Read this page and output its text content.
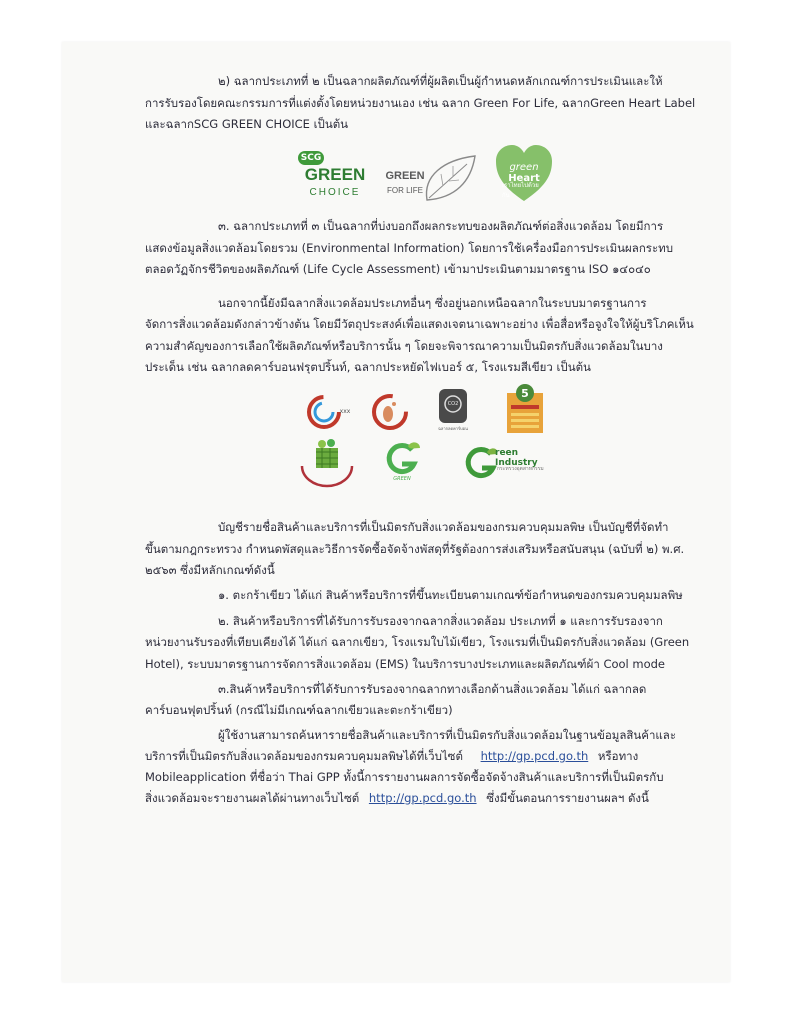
๒) ฉลากประเภทที่ ๒ เป็นฉลากผลิตภัณฑ์ที่ผู้ผลิตเป็นผู้กำหนดหลักเกณฑ์การประเมินและให้
การรับรองโดยคณะกรรมการที่แต่งตั้งโดยหน่วยงานเอง เช่น ฉลาก Green For Life, ฉลากGreen Heart Label
และฉลากSCG GREEN CHOICE เป็นต้น
SCG
GREEN
CHOICE
GREEN
FOR LIFE
green
Heart
เราไทยไปด้วยกัน
๓. ฉลากประเภทที่ ๓ เป็นฉลากที่บ่งบอกถึงผลกระทบของผลิตภัณฑ์ต่อสิ่งแวดล้อม โดยมีการ
แสดงข้อมูลสิ่งแวดล้อมโดยรวม (Environmental Information) โดยการใช้เครื่องมือการประเมินผลกระทบ
ตลอดวัฏจักรชีวิตของผลิตภัณฑ์ (Life Cycle Assessment) เข้ามาประเมินตามมาตรฐาน ISO ๑๔๐๔๐
นอกจากนี้ยังมีฉลากสิ่งแวดล้อมประเภทอื่นๆ ซึ่งอยู่นอกเหนือฉลากในระบบมาตรฐานการ
จัดการสิ่งแวดล้อมดังกล่าวข้างต้น โดยมีวัตถุประสงค์เพื่อแสดงเจตนาเฉพาะอย่าง เพื่อสื่อหรือจูงใจให้ผู้บริโภคเห็น
ความสำคัญของการเลือกใช้ผลิตภัณฑ์หรือบริการนั้น ๆ โดยจะพิจารณาความเป็นมิตรกับสิ่งแวดล้อมในบาง
ประเด็น เช่น ฉลากลดคาร์บอนฟรุตปริ้นท์, ฉลากประหยัดไฟเบอร์ ๕, โรงแรมสีเขียว เป็นต้น
xxx
CO2
ฉลากลดคาร์บอน
5
GREEN
reen Industry
กระทรวงอุตสาหกรรม
บัญชีรายชื่อสินค้าและบริการที่เป็นมิตรกับสิ่งแวดล้อมของกรมควบคุมมลพิษ เป็นบัญชีที่จัดทำ
ขึ้นตามกฎกระทรวง กำหนดพัสดุและวิธีการจัดซื้อจัดจ้างพัสดุที่รัฐต้องการส่งเสริมหรือสนับสนุน (ฉบับที่ ๒) พ.ศ.
๒๕๖๓ ซึ่งมีหลักเกณฑ์ดังนี้
๑. ตะกร้าเขียว ได้แก่ สินค้าหรือบริการที่ขึ้นทะเบียนตามเกณฑ์ข้อกำหนดของกรมควบคุมมลพิษ
๒. สินค้าหรือบริการที่ได้รับการรับรองจากฉลากสิ่งแวดล้อม ประเภทที่ ๑ และการรับรองจาก
หน่วยงานรับรองที่เทียบเคียงได้ ได้แก่ ฉลากเขียว, โรงแรมใบไม้เขียว, โรงแรมที่เป็นมิตรกับสิ่งแวดล้อม (Green
Hotel), ระบบมาตรฐานการจัดการสิ่งแวดล้อม (EMS) ในบริการบางประเภทและผลิตภัณฑ์ผ้า Cool mode
๓.สินค้าหรือบริการที่ได้รับการรับรองจากฉลากทางเลือกด้านสิ่งแวดล้อม ได้แก่ ฉลากลด
คาร์บอนฟุตปริ้นท์ (กรณีไม่มีเกณฑ์ฉลากเขียวและตะกร้าเขียว)
ผู้ใช้งานสามารถค้นหารายชื่อสินค้าและบริการที่เป็นมิตรกับสิ่งแวดล้อมในฐานข้อมูลสินค้าและ
บริการที่เป็นมิตรกับสิ่งแวดล้อมของกรมควบคุมมลพิษได้ที่เว็บไซต์ http://gp.pcd.go.th หรือทาง
Mobileapplication ที่ชื่อว่า Thai GPP ทั้งนี้การรายงานผลการจัดซื้อจัดจ้างสินค้าและบริการที่เป็นมิตรกับ
สิ่งแวดล้อมจะรายงานผลได้ผ่านทางเว็บไซต์ http://gp.pcd.go.th ซึ่งมีขั้นตอนการรายงานผลฯ ดังนี้
